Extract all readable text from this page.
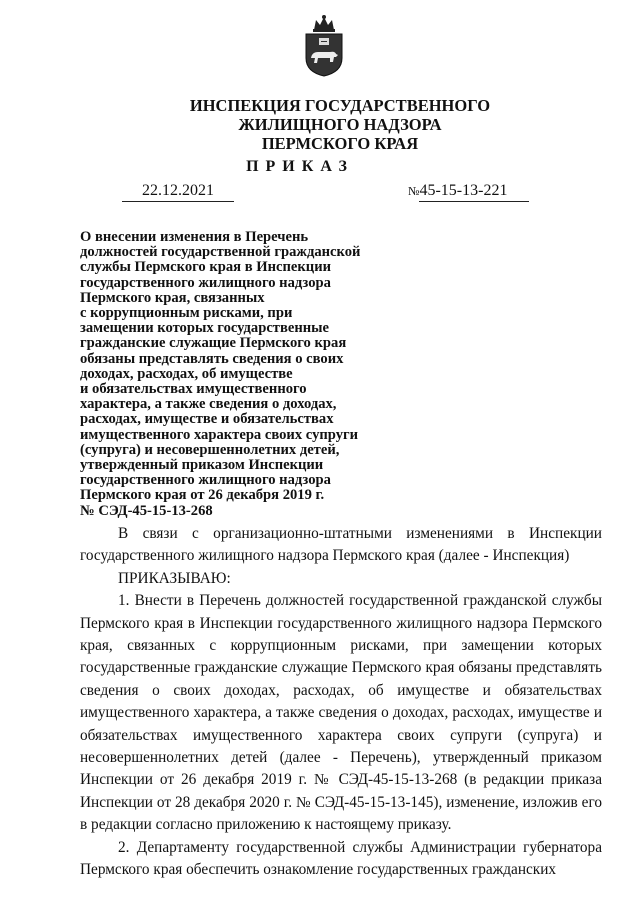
ИНСПЕКЦИЯ ГОСУДАРСТВЕННОГО
ЖИЛИЩНОГО НАДЗОРА
ПЕРМСКОГО КРАЯ
ПРИКАЗ
22.12.2021	№45-15-13-221
О внесении изменения в Перечень
должностей государственной гражданской
службы Пермского края в Инспекции
государственного жилищного надзора
Пермского края, связанных
с коррупционным рисками, при
замещении которых государственные
гражданские служащие Пермского края
обязаны представлять сведения о своих
доходах, расходах, об имуществе
и обязательствах имущественного
характера, а также сведения о доходах,
расходах, имуществе и обязательствах
имущественного характера своих супруги
(супруга) и несовершеннолетних детей,
утвержденный приказом Инспекции
государственного жилищного надзора
Пермского края от 26 декабря 2019 г.
№ СЭД-45-15-13-268

В связи с организационно-штатными изменениями в Инспекции государственного жилищного надзора Пермского края (далее - Инспекция)

ПРИКАЗЫВАЮ:

1. Внести в Перечень должностей государственной гражданской службы Пермского края в Инспекции государственного жилищного надзора Пермского края, связанных с коррупционным рисками, при замещении которых государственные гражданские служащие Пермского края обязаны представлять сведения о своих доходах, расходах, об имуществе и обязательствах имущественного характера, а также сведения о доходах, расходах, имуществе и обязательствах имущественного характера своих супруги (супруга) и несовершеннолетних детей (далее - Перечень), утвержденный приказом Инспекции от 26 декабря 2019 г. № СЭД-45-15-13-268 (в редакции приказа Инспекции от 28 декабря 2020 г. № СЭД-45-15-13-145), изменение, изложив его в редакции согласно приложению к настоящему приказу.

2. Департаменту государственной службы Администрации губернатора Пермского края обеспечить ознакомление государственных гражданских
